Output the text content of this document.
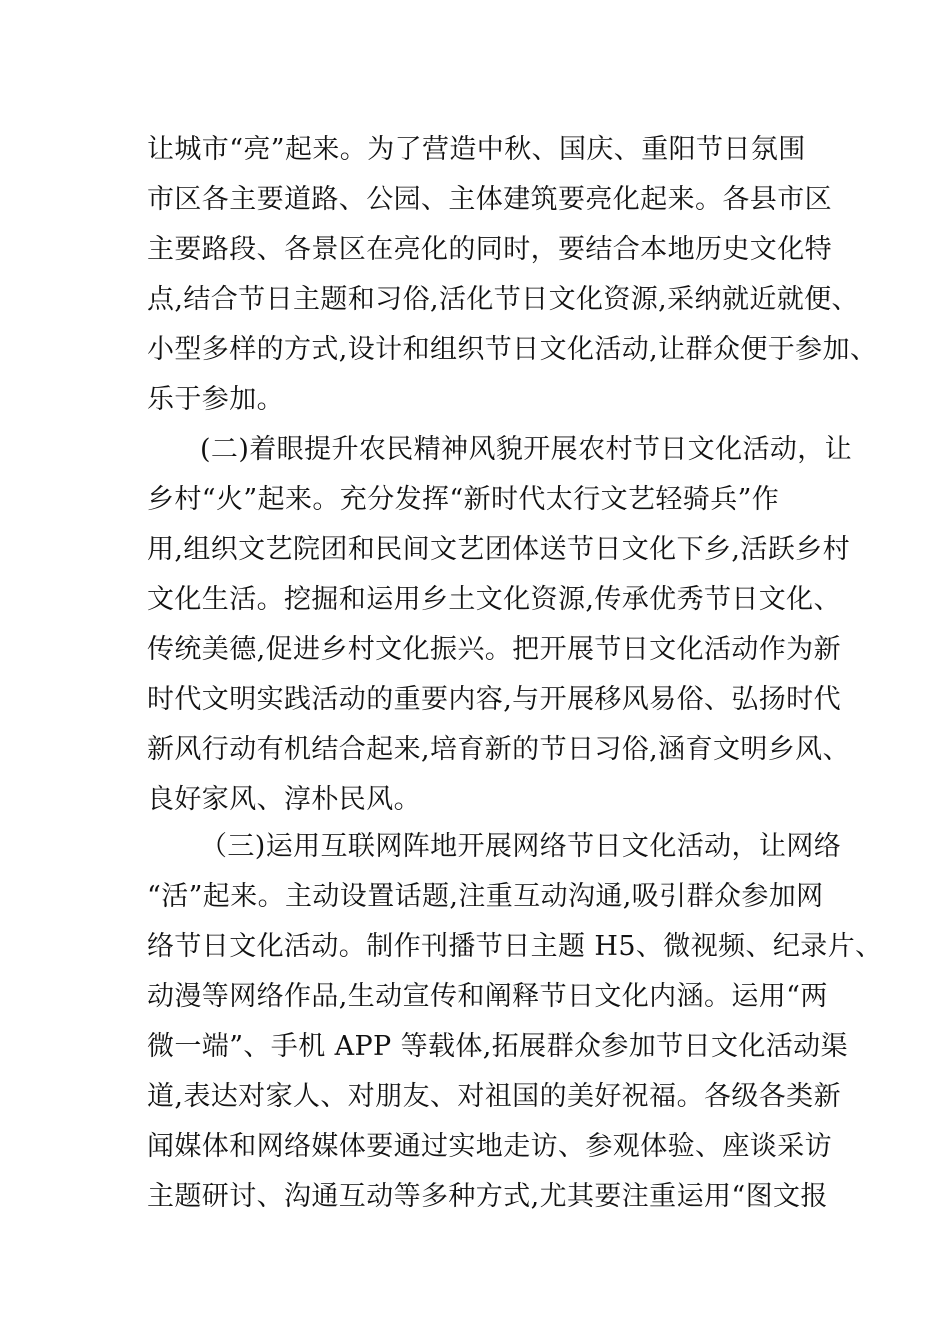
让城市“亮”起来。为了营造中秋、国庆、重阳节日氛围
市区各主要道路、公园、主体建筑要亮化起来。各县市区
主要路段、各景区在亮化的同时，要结合本地历史文化特
点,结合节日主题和习俗,活化节日文化资源,采纳就近就便、
小型多样的方式,设计和组织节日文化活动,让群众便于参加、
乐于参加。
(二)着眼提升农民精神风貌开展农村节日文化活动，让
乡村“火”起来。充分发挥“新时代太行文艺轻骑兵”作
用,组织文艺院团和民间文艺团体送节日文化下乡,活跃乡村
文化生活。挖掘和运用乡土文化资源,传承优秀节日文化、
传统美德,促进乡村文化振兴。把开展节日文化活动作为新
时代文明实践活动的重要内容,与开展移风易俗、弘扬时代
新风行动有机结合起来,培育新的节日习俗,涵育文明乡风、
良好家风、淳朴民风。
（三)运用互联网阵地开展网络节日文化活动，让网络
“活”起来。主动设置话题,注重互动沟通,吸引群众参加网
络节日文化活动。制作刊播节日主题 H5、微视频、纪录片、
动漫等网络作品,生动宣传和阐释节日文化内涵。运用“两
微一端”、手机 APP 等载体,拓展群众参加节日文化活动渠
道,表达对家人、对朋友、对祖国的美好祝福。各级各类新
闻媒体和网络媒体要通过实地走访、参观体验、座谈采访
主题研讨、沟通互动等多种方式,尤其要注重运用“图文报
